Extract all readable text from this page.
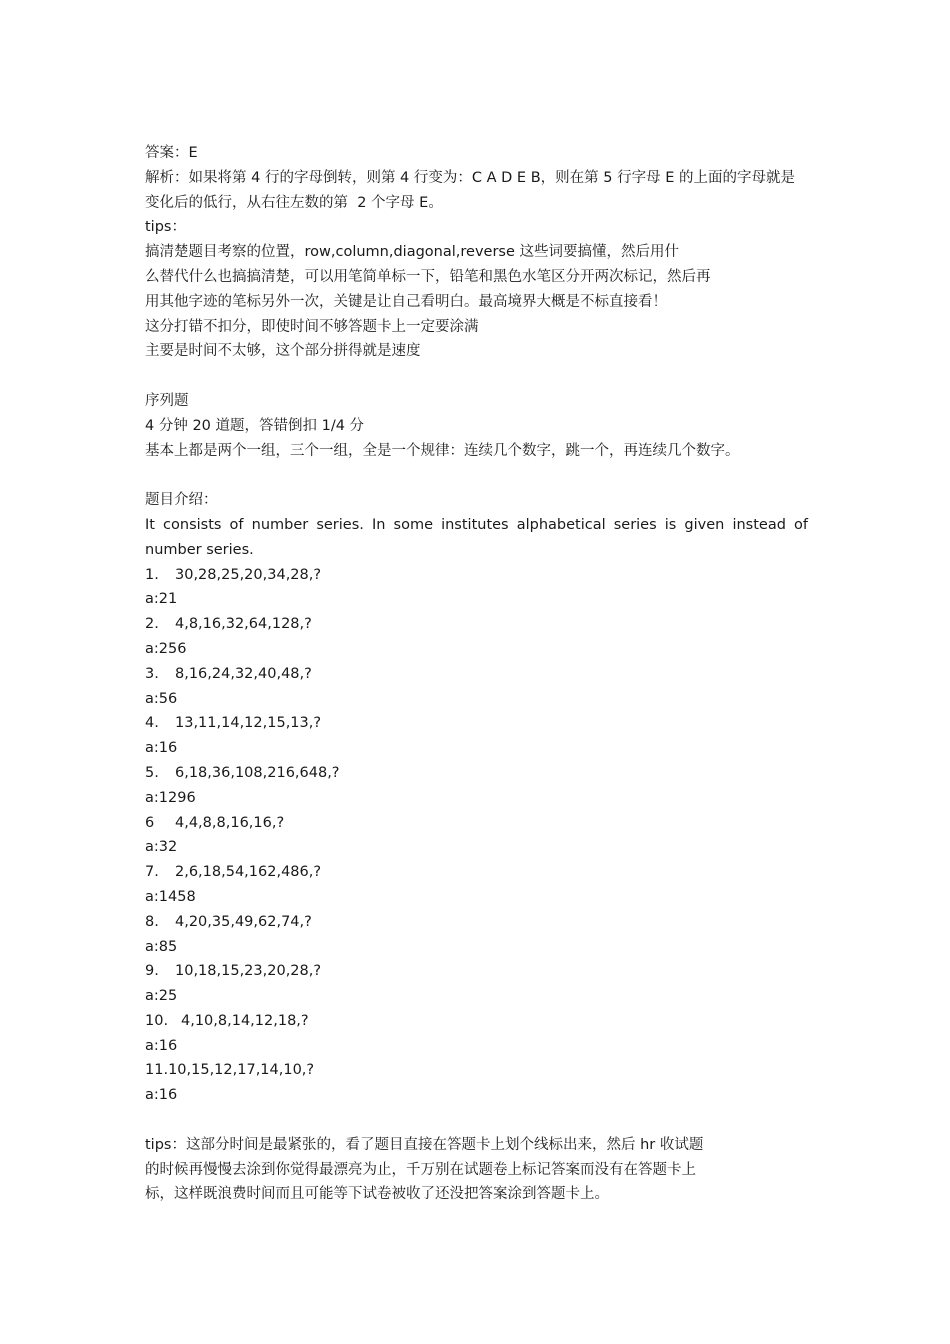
答案：E
解析：如果将第 4 行的字母倒转，则第 4 行变为：C A D E B，则在第 5 行字母 E 的上面的字母就是变化后的低行，从右往左数的第  2 个字母 E。
tips：
搞清楚题目考察的位置，row,column,diagonal,reverse 这些词要搞懂，然后用什
么替代什么也搞搞清楚，可以用笔简单标一下，铅笔和黑色水笔区分开两次标记，然后再
用其他字迹的笔标另外一次，关键是让自己看明白。最高境界大概是不标直接看！
这分打错不扣分，即使时间不够答题卡上一定要涂满
主要是时间不太够，这个部分拼得就是速度
序列题
4 分钟 20 道题，答错倒扣 1/4 分
基本上都是两个一组，三个一组，全是一个规律：连续几个数字，跳一个，再连续几个数字。
题目介绍：
It consists of number series. In some institutes alphabetical series is given instead of number series.
1. 30,28,25,20,34,28,?
a:21
2. 4,8,16,32,64,128,?
a:256
3. 8,16,24,32,40,48,?
a:56
4. 13,11,14,12,15,13,?
a:16
5. 6,18,36,108,216,648,?
a:1296
6 4,4,8,8,16,16,?
a:32
7. 2,6,18,54,162,486,?
a:1458
8. 4,20,35,49,62,74,?
a:85
9. 10,18,15,23,20,28,?
a:25
10. 4,10,8,14,12,18,?
a:16
11.10,15,12,17,14,10,?
a:16
tips：这部分时间是最紧张的，看了题目直接在答题卡上划个线标出来，然后 hr 收试题
的时候再慢慢去涂到你觉得最漂亮为止，千万别在试题卷上标记答案而没有在答题卡上
标，这样既浪费时间而且可能等下试卷被收了还没把答案涂到答题卡上。
